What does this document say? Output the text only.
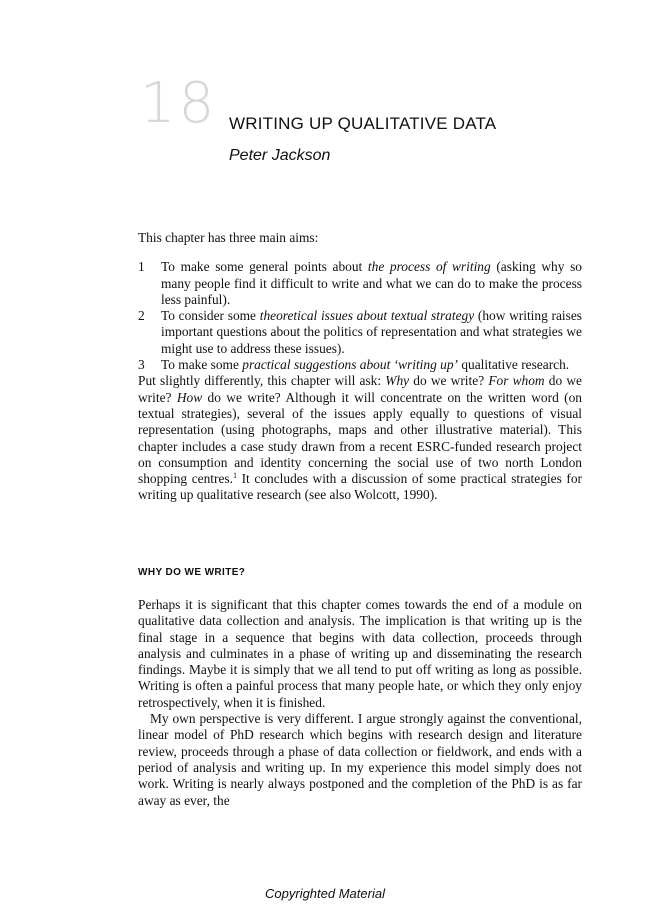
18 WRITING UP QUALITATIVE DATA
Peter Jackson

This chapter has three main aims:

1 To make some general points about the process of writing (asking why so many people find it difficult to write and what we can do to make the process less painful).
2 To consider some theoretical issues about textual strategy (how writing raises important questions about the politics of representation and what strategies we might use to address these issues).
3 To make some practical suggestions about ‘writing up’ qualitative research.

Put slightly differently, this chapter will ask: Why do we write? For whom do we write? How do we write? Although it will concentrate on the written word (on textual strategies), several of the issues apply equally to questions of visual representation (using photographs, maps and other illustrative material). This chapter includes a case study drawn from a recent ESRC-funded research project on consumption and identity concerning the social use of two north London shopping centres.$^1$ It concludes with a discussion of some practical strategies for writing up qualitative research (see also Wolcott, 1990).

WHY DO WE WRITE?

Perhaps it is significant that this chapter comes towards the end of a module on qualitative data collection and analysis. The implication is that writing up is the final stage in a sequence that begins with data collection, proceeds through analysis and culminates in a phase of writing up and disseminating the research findings. Maybe it is simply that we all tend to put off writing as long as possible. Writing is often a painful process that many people hate, or which they only enjoy retrospectively, when it is finished.

My own perspective is very different. I argue strongly against the conventional, linear model of PhD research which begins with research design and literature review, proceeds through a phase of data collection or fieldwork, and ends with a period of analysis and writing up. In my experience this model simply does not work. Writing is nearly always postponed and the completion of the PhD is as far away as ever, the

Copyrighted Material
